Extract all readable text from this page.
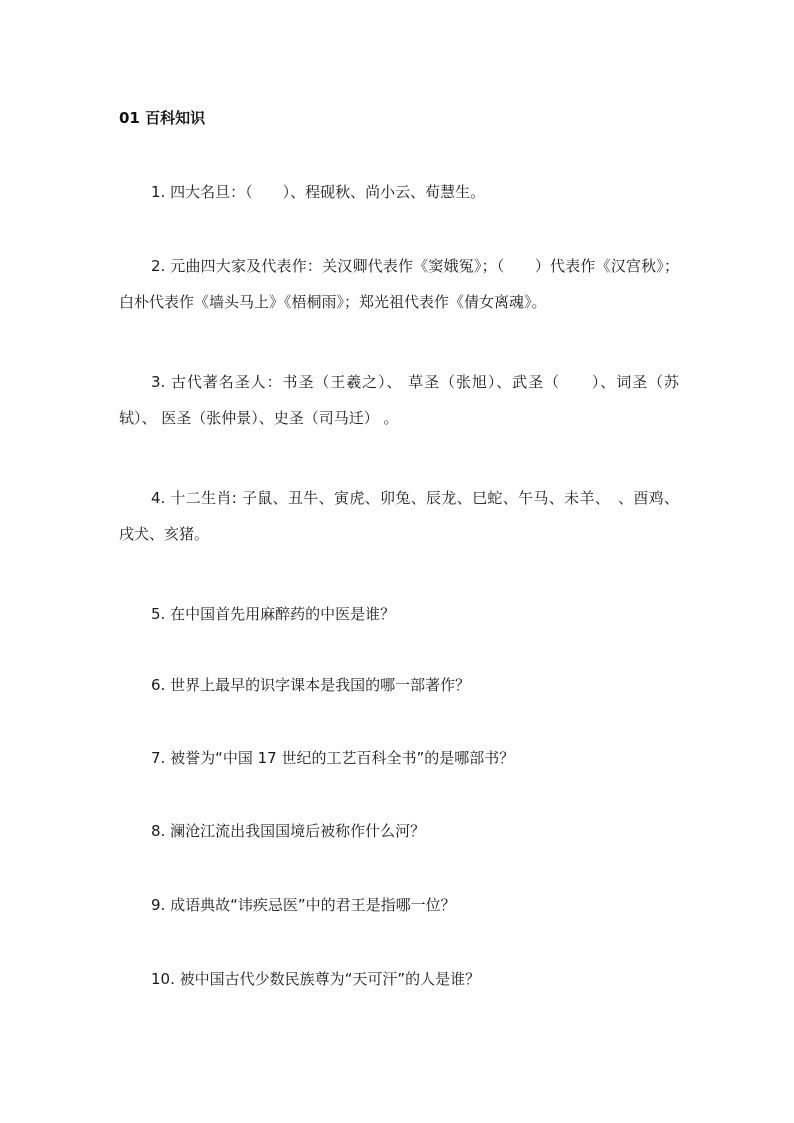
01 百科知识

1. 四大名旦：（　　）、程砚秋、尚小云、荀慧生。

2. 元曲四大家及代表作：关汉卿代表作《窦娥冤》；（　　）代表作《汉宫秋》；白朴代表作《墙头马上》《梧桐雨》；郑光祖代表作《倩女离魂》。

3. 古代著名圣人：书圣（王羲之）、 草圣（张旭）、武圣（　　）、词圣（苏轼）、 医圣（张仲景）、史圣（司马迁） 。

4. 十二生肖: 子鼠、丑牛、寅虎、卯兔、辰龙、巳蛇、午马、未羊、　、酉鸡、戌犬、亥猪。

5. 在中国首先用麻醉药的中医是谁？

6. 世界上最早的识字课本是我国的哪一部著作？

7. 被誉为“中国 17 世纪的工艺百科全书”的是哪部书？

8. 澜沧江流出我国国境后被称作什么河？

9. 成语典故“讳疾忌医”中的君王是指哪一位？

10. 被中国古代少数民族尊为“天可汗”的人是谁？
